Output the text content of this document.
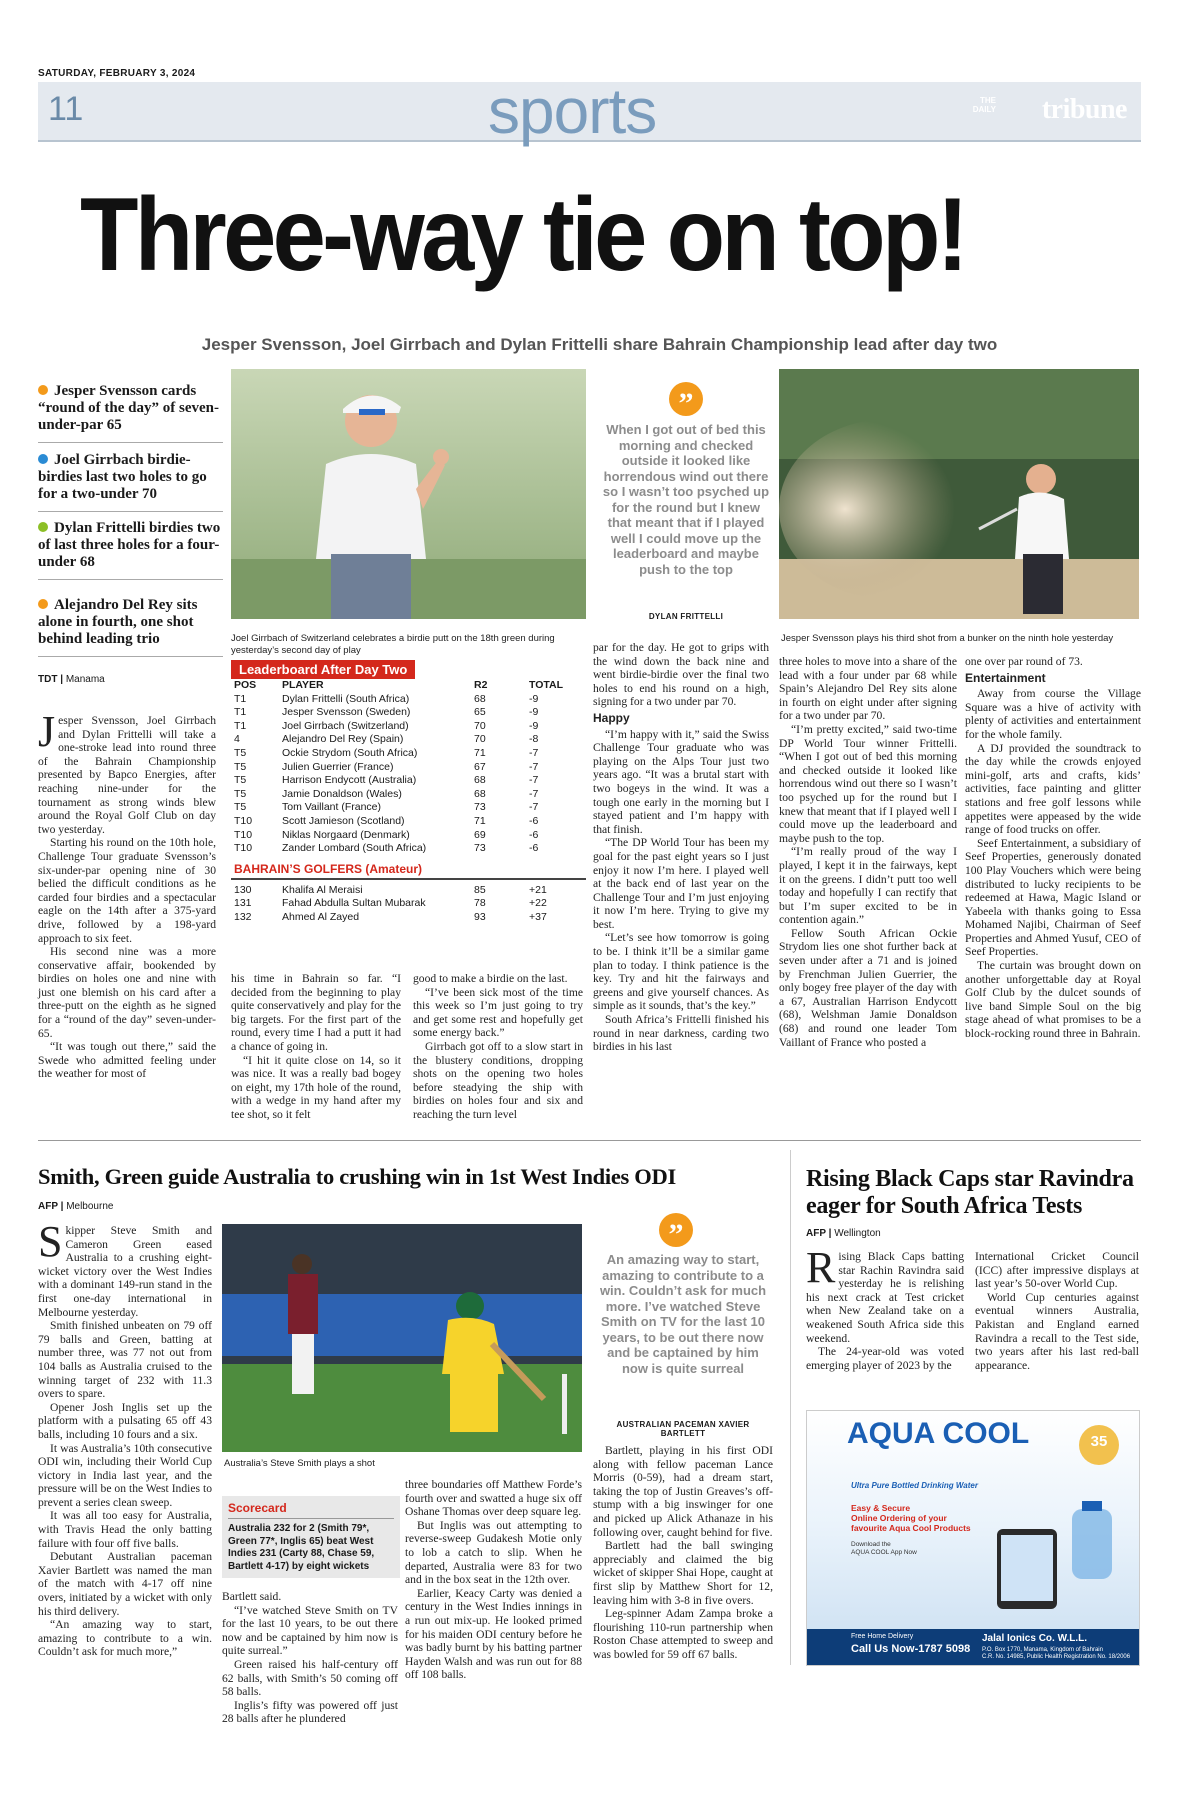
SATURDAY, FEBRUARY 3, 2024
11	sports	THE
DAILY tribune
Three-way tie on top!
Jesper Svensson, Joel Girrbach and Dylan Frittelli share Bahrain Championship lead after day two
Jesper Svensson cards “round of the day” of seven-under-par 65
Joel Girrbach birdie-birdies last two holes to go for a two-under 70
Dylan Frittelli birdies two of last three holes for a four-under 68
Alejandro Del Rey sits alone in fourth, one shot behind leading trio	Joel Girrbach of Switzerland celebrates a birdie putt on the 18th green during yesterday’s second day of play
”
When I got out of bed this morning and checked outside it looked like horrendous wind out there so I wasn’t too psyched up for the round but I knew that meant that if I played well I could move up the leaderboard and maybe push to the top
DYLAN FRITTELLI
Jesper Svensson plays his third shot from a bunker on the ninth hole yesterday
TDT | Manama

Jesper Svensson, Joel Girrbach and Dylan Frittelli will take a one-stroke lead into round three of the Bahrain Championship presented by Bapco Energies, after reaching nine-under for the tournament as strong winds blew around the Royal Golf Club on day two yesterday.

Starting his round on the 10th hole, Challenge Tour graduate Svensson’s six-under-par opening nine of 30 belied the difficult conditions as he carded four birdies and a spectacular eagle on the 14th after a 375-yard drive, followed by a 198-yard approach to six feet.

His second nine was a more conservative affair, bookended by birdies on holes one and nine with just one blemish on his card after a three-putt on the eighth as he signed for a “round of the day” seven-under-65.

“It was tough out there,” said the Swede who admitted feeling under the weather for most of

Leaderboard After Day Two
POS	PLAYER	R2	TOTAL
T1	Dylan Frittelli (South Africa)	68	-9
T1	Jesper Svensson (Sweden)	65	-9
T1	Joel Girrbach (Switzerland)	70	-9
4	Alejandro Del Rey (Spain)	70	-8
T5	Ockie Strydom (South Africa)	71	-7
T5	Julien Guerrier (France)	67	-7
T5	Harrison Endycott (Australia)	68	-7
T5	Jamie Donaldson (Wales)	68	-7
T5	Tom Vaillant (France)	73	-7
T10	Scott Jamieson (Scotland)	71	-6
T10	Niklas Norgaard (Denmark)	69	-6
T10	Zander Lombard (South Africa)	73	-6
BAHRAIN’S GOLFERS (Amateur)
130	Khalifa Al Meraisi	85	+21
131	Fahad Abdulla Sultan Mubarak	78	+22
132	Ahmed Al Zayed	93	+37

his time in Bahrain so far. “I decided from the beginning to play quite conservatively and play for the big targets. For the first part of the round, every time I had a putt it had a chance of going in.

“I hit it quite close on 14, so it was nice. It was a really bad bogey on eight, my 17th hole of the round, with a wedge in my hand after my tee shot, so it felt

good to make a birdie on the last.

“I’ve been sick most of the time this week so I’m just going to try and get some rest and hopefully get some energy back.”

Girrbach got off to a slow start in the blustery conditions, dropping shots on the opening two holes before steadying the ship with birdies on holes four and six and reaching the turn level

par for the day. He got to grips with the wind down the back nine and went birdie-birdie over the final two holes to end his round on a high, signing for a two under par 70.

Happy

“I’m happy with it,” said the Swiss Challenge Tour graduate who was playing on the Alps Tour just two years ago. “It was a brutal start with two bogeys in the wind. It was a tough one early in the morning but I stayed patient and I’m happy with that finish.

“The DP World Tour has been my goal for the past eight years so I just enjoy it now I’m here. I played well at the back end of last year on the Challenge Tour and I’m just enjoying it now I’m here. Trying to give my best.

“Let’s see how tomorrow is going to be. I think it’ll be a similar game plan to today. I think patience is the key. Try and hit the fairways and greens and give yourself chances. As simple as it sounds, that’s the key.”

South Africa’s Frittelli finished his round in near darkness, carding two birdies in his last

three holes to move into a share of the lead with a four under par 68 while Spain’s Alejandro Del Rey sits alone in fourth on eight under after signing for a two under par 70.

“I’m pretty excited,” said two-time DP World Tour winner Frittelli. “When I got out of bed this morning and checked outside it looked like horrendous wind out there so I wasn’t too psyched up for the round but I knew that meant that if I played well I could move up the leaderboard and maybe push to the top.

“I’m really proud of the way I played, I kept it in the fairways, kept it on the greens. I didn’t putt too well today and hopefully I can rectify that but I’m super excited to be in contention again.”

Fellow South African Ockie Strydom lies one shot further back at seven under after a 71 and is joined by Frenchman Julien Guerrier, the only bogey free player of the day with a 67, Australian Harrison Endycott (68), Welshman Jamie Donaldson (68) and round one leader Tom Vaillant of France who posted a

one over par round of 73.

Entertainment

Away from course the Village Square was a hive of activity with plenty of activities and entertainment for the whole family.

A DJ provided the soundtrack to the day while the crowds enjoyed mini-golf, arts and crafts, kids’ activities, face painting and glitter stations and free golf lessons while appetites were appeased by the wide range of food trucks on offer.

Seef Entertainment, a subsidiary of Seef Properties, generously donated 100 Play Vouchers which were being distributed to lucky recipients to be redeemed at Hawa, Magic Island or Yabeela with thanks going to Essa Mohamed Najibi, Chairman of Seef Properties and Ahmed Yusuf, CEO of Seef Properties.

The curtain was brought down on another unforgettable day at Royal Golf Club by the dulcet sounds of live band Simple Soul on the big stage ahead of what promises to be a block-rocking round three in Bahrain.

Smith, Green guide Australia to crushing win in 1st West Indies ODI
AFP | Melbourne

Skipper Steve Smith and Cameron Green eased Australia to a crushing eight-wicket victory over the West Indies with a dominant 149-run stand in the first one-day international in Melbourne yesterday.

Smith finished unbeaten on 79 off 79 balls and Green, batting at number three, was 77 not out from 104 balls as Australia cruised to the winning target of 232 with 11.3 overs to spare.

Opener Josh Inglis set up the platform with a pulsating 65 off 43 balls, including 10 fours and a six.

It was Australia’s 10th consecutive ODI win, including their World Cup victory in India last year, and the pressure will be on the West Indies to prevent a series clean sweep.

It was all too easy for Australia, with Travis Head the only batting failure with four off five balls.

Debutant Australian paceman Xavier Bartlett was named the man of the match with 4-17 off nine overs, initiated by a wicket with only his third delivery.

“An amazing way to start, amazing to contribute to a win. Couldn’t ask for much more,”

Australia’s Steve Smith plays a shot
Scorecard
Australia 232 for 2 (Smith 79*, Green 77*, Inglis 65) beat West Indies 231 (Carty 88, Chase 59, Bartlett 4-17) by eight wickets

Bartlett said.

“I’ve watched Steve Smith on TV for the last 10 years, to be out there now and be captained by him now is quite surreal.”

Green raised his half-century off 62 balls, with Smith’s 50 coming off 58 balls.

Inglis’s fifty was powered off just 28 balls after he plundered

three boundaries off Matthew Forde’s fourth over and swatted a huge six off Oshane Thomas over deep square leg.

But Inglis was out attempting to reverse-sweep Gudakesh Motie only to lob a catch to slip. When he departed, Australia were 83 for two and in the box seat in the 12th over.

Earlier, Keacy Carty was denied a century in the West Indies innings in a run out mix-up. He looked primed for his maiden ODI century before he was badly burnt by his batting partner Hayden Walsh and was run out for 88 off 108 balls.

”
An amazing way to start, amazing to contribute to a win. Couldn’t ask for much more. I’ve watched Steve Smith on TV for the last 10 years, to be out there now and be captained by him now is quite surreal
AUSTRALIAN PACEMAN XAVIER BARTLETT

Bartlett, playing in his first ODI along with fellow paceman Lance Morris (0-59), had a dream start, taking the top of Justin Greaves’s off-stump with a big inswinger for one and picked up Alick Athanaze in his following over, caught behind for five.

Bartlett had the ball swinging appreciably and claimed the big wicket of skipper Shai Hope, caught at first slip by Matthew Short for 12, leaving him with 3-8 in five overs.

Leg-spinner Adam Zampa broke a flourishing 110-run partnership when Roston Chase attempted to sweep and was bowled for 59 off 67 balls.

Rising Black Caps star Ravindra eager for South Africa Tests
AFP | Wellington

Rising Black Caps batting star Rachin Ravindra said yesterday he is relishing his next crack at Test cricket when New Zealand take on a weakened South Africa side this weekend.

The 24-year-old was voted emerging player of 2023 by the

International Cricket Council (ICC) after impressive displays at last year’s 50-over World Cup.

World Cup centuries against eventual winners Australia, Pakistan and England earned Ravindra a recall to the Test side, two years after his last red-ball appearance.

AQUA COOL	35
Ultra Pure Bottled Drinking Water
Easy & Secure
Online Ordering of your
favourite Aqua Cool Products
Download the
AQUA COOL App Now
Free Home Delivery
Call Us Now-1787 5098
Jalal Ionics Co. W.L.L.
P.O. Box 1770, Manama, Kingdom of Bahrain
C.R. No. 14985, Public Health Registration No. 18/2006
